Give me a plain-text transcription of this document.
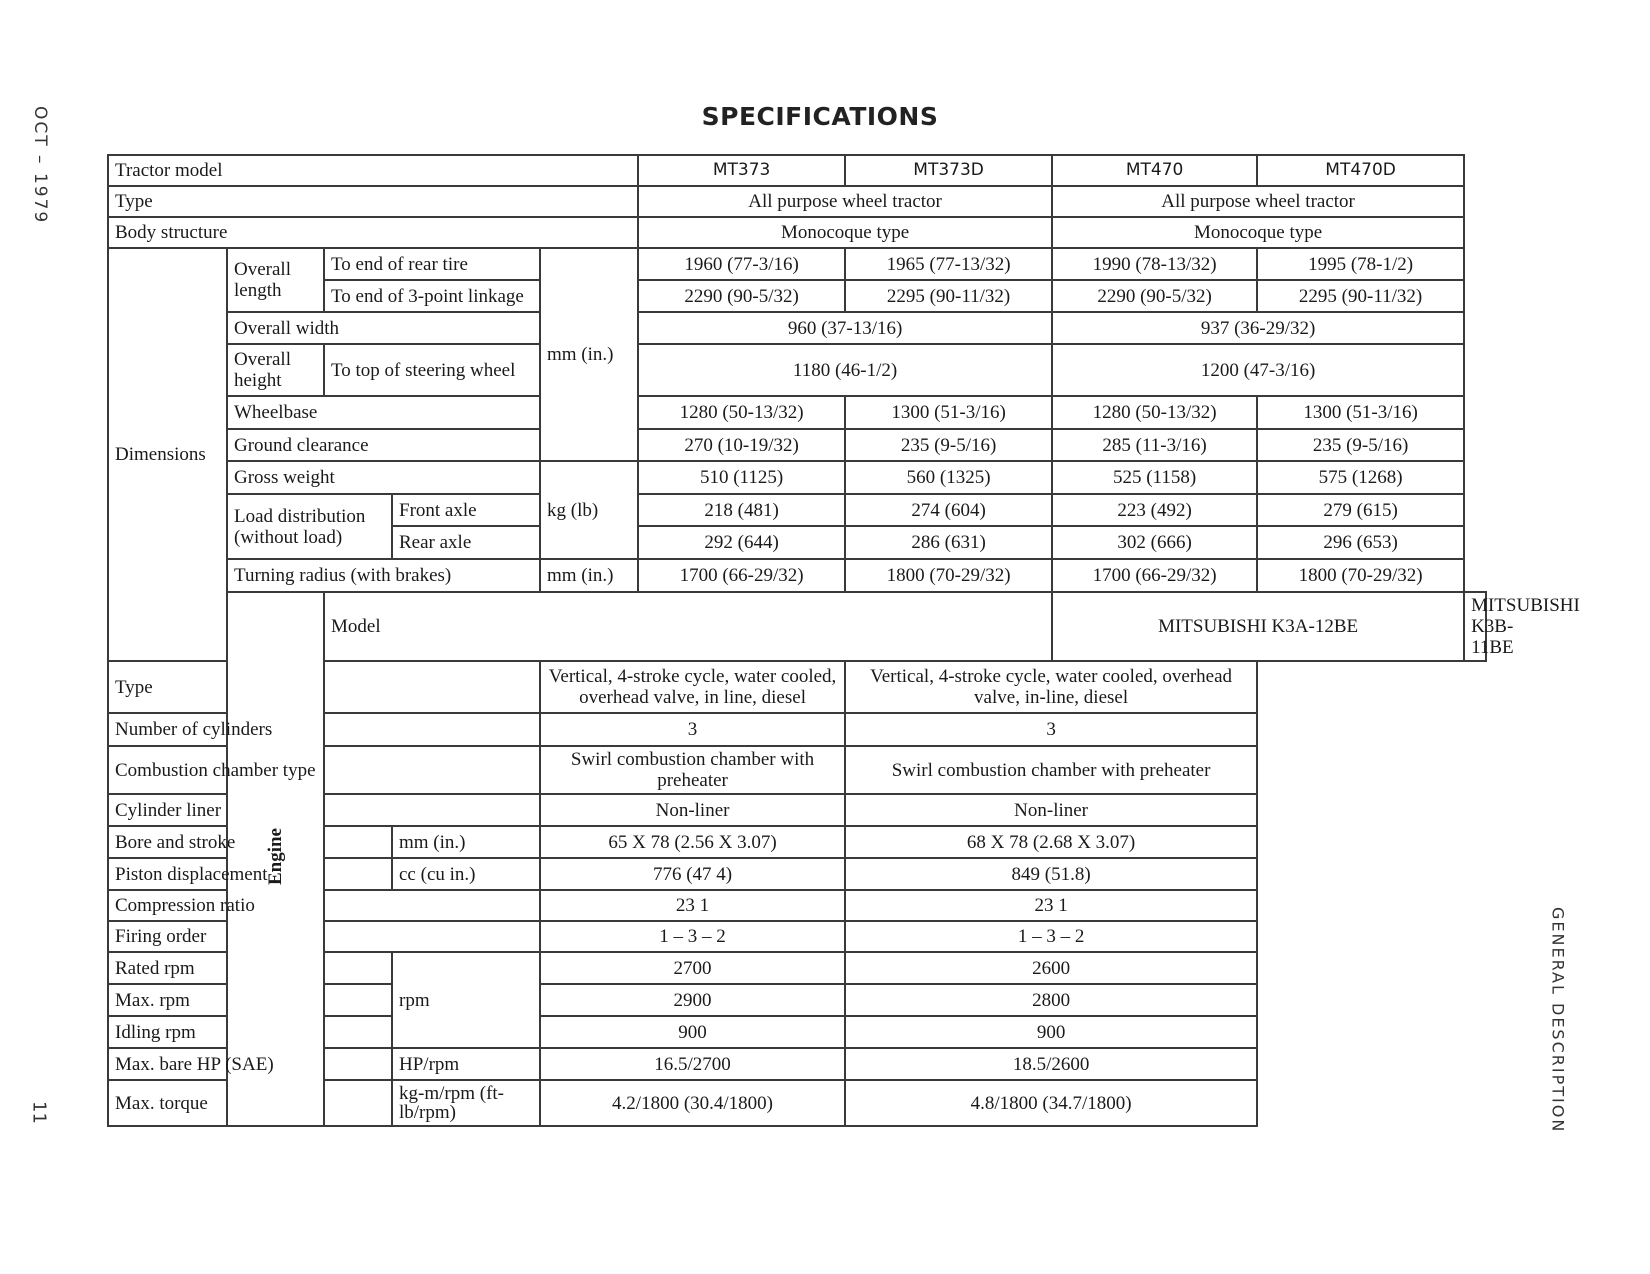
OCT – 1979
11	GENERAL DESCRIPTION
SPECIFICATIONS
Tractor model					MT373	MT373D	MT470	MT470D	
Type					All purpose wheel tractor		All purpose wheel tractor		
Body structure					Monocoque type		Monocoque type		
Dimensions	Overall length	To end of rear tire		mm (in.)	1960 (77-3/16)	1965 (77-13/32)	1990 (78-13/32)	1995 (78-1/2)	
		To end of 3-point linkage			2290 (90-5/32)	2295 (90-11/32)	2290 (90-5/32)	2295 (90-11/32)	
	Overall width				960 (37-13/16)		937 (36-29/32)		
	Overall height	To top of steering wheel			1180 (46-1/2)		1200 (47-3/16)		
	Wheelbase				1280 (50-13/32)	1300 (51-3/16)	1280 (50-13/32)	1300 (51-3/16)	
	Ground clearance				270 (10-19/32)	235 (9-5/16)	285 (11-3/16)	235 (9-5/16)	
	Gross weight			kg (lb)	510 (1125)	560 (1325)	525 (1158)	575 (1268)	
	Load distribution (without load)		Front axle		218 (481)	274 (604)	223 (492)	279 (615)	
			Rear axle		292 (644)	286 (631)	302 (666)	296 (653)	
	Turning radius (with brakes)			mm (in.)	1700 (66-29/32)	1800 (70-29/32)	1700 (66-29/32)	1800 (70-29/32)	
	Engine	Model					MITSUBISHI K3A-12BE		MITSUBISHI K3B-11BE
Type				Vertical, 4-stroke cycle, water cooled, overhead valve, in line, diesel		Vertical, 4-stroke cycle, water cooled, overhead valve, in-line, diesel			
Number of cylinders				3		3			
Combustion chamber type				Swirl combustion chamber with preheater		Swirl combustion chamber with preheater			
Cylinder liner				Non-liner		Non-liner			
Bore and stroke			mm (in.)	65 X 78 (2.56 X 3.07)		68 X 78 (2.68 X 3.07)			
Piston displacement			cc (cu in.)	776 (47 4)		849 (51.8)			
Compression ratio				23 1		23 1			
Firing order				1 – 3 – 2		1 – 3 – 2			
Rated rpm			rpm	2700		2600			
Max. rpm				2900		2800			
Idling rpm				900		900			
Max. bare HP (SAE)			HP/rpm	16.5/2700		18.5/2600			
Max. torque			kg-m/rpm (ft-lb/rpm)	4.2/1800 (30.4/1800)		4.8/1800 (34.7/1800)			
